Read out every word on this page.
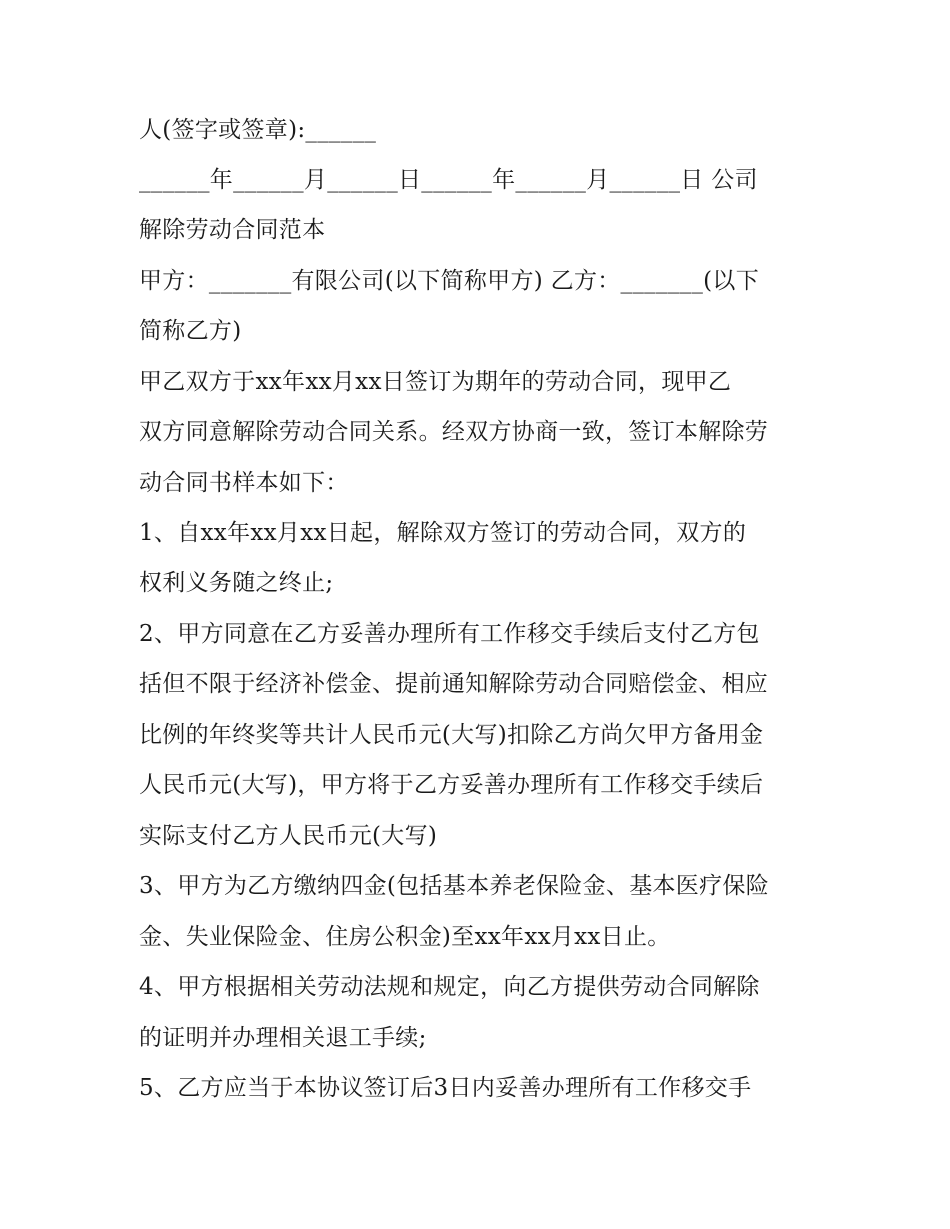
人(签字或签章):______
______年______月______日______年______月______日 公司
解除劳动合同范本
甲方：_______有限公司(以下简称甲方) 乙方：_______(以下
简称乙方)
甲乙双方于xx年xx月xx日签订为期年的劳动合同，现甲乙
双方同意解除劳动合同关系。经双方协商一致，签订本解除劳
动合同书样本如下：
1、自xx年xx月xx日起，解除双方签订的劳动合同，双方的
权利义务随之终止;
2、甲方同意在乙方妥善办理所有工作移交手续后支付乙方包
括但不限于经济补偿金、提前通知解除劳动合同赔偿金、相应
比例的年终奖等共计人民币元(大写)扣除乙方尚欠甲方备用金
人民币元(大写)，甲方将于乙方妥善办理所有工作移交手续后
实际支付乙方人民币元(大写)
3、甲方为乙方缴纳四金(包括基本养老保险金、基本医疗保险
金、失业保险金、住房公积金)至xx年xx月xx日止。
4、甲方根据相关劳动法规和规定，向乙方提供劳动合同解除
的证明并办理相关退工手续;
5、乙方应当于本协议签订后3日内妥善办理所有工作移交手
